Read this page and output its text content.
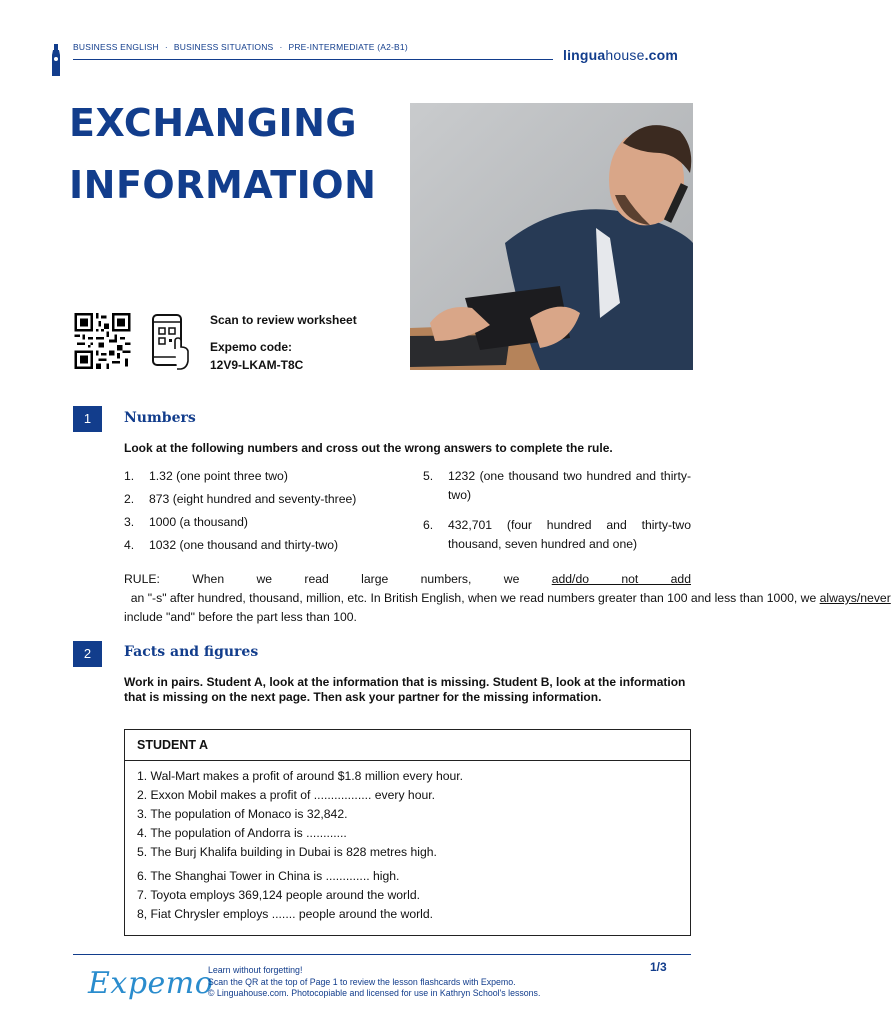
BUSINESS ENGLISH · BUSINESS SITUATIONS · PRE-INTERMEDIATE (A2-B1)	linguahouse.com
EXCHANGING
INFORMATION
Scan to review worksheet
Expemo code:
12V9-LKAM-T8C
1	Numbers
Look at the following numbers and cross out the wrong answers to complete the rule.
1.	1.32 (one point three two)
2.	873 (eight hundred and seventy-three)
3.	1000 (a thousand)
4.	1032 (one thousand and thirty-two)
5.	1232 (one thousand two hundred and thirty-two)
6.	432,701 (four hundred and thirty-two thousand, seven hundred and one)
RULE: When we read large numbers, we add/do not add  an "-s" after hundred, thousand, million, etc. In British English, when we read numbers greater than 100 and less than 1000, we always/never include "and" before the part less than 100.
2	Facts and figures
Work in pairs. Student A, look at the information that is missing. Student B, look at the information that is missing on the next page. Then ask your partner for the missing information.
STUDENT A
1. Wal-Mart makes a profit of around $1.8 million every hour.
2. Exxon Mobil makes a profit of ................. every hour.
3. The population of Monaco is 32,842.
4. The population of Andorra is ............
5. The Burj Khalifa building in Dubai is 828 metres high.
6. The Shanghai Tower in China is ............. high.
7. Toyota employs 369,124 people around the world.
8, Fiat Chrysler employs ....... people around the world.
Expemo
Learn without forgetting!
Scan the QR at the top of Page 1 to review the lesson flashcards with Expemo.
© Linguahouse.com. Photocopiable and licensed for use in Kathryn School's lessons.
1/3
